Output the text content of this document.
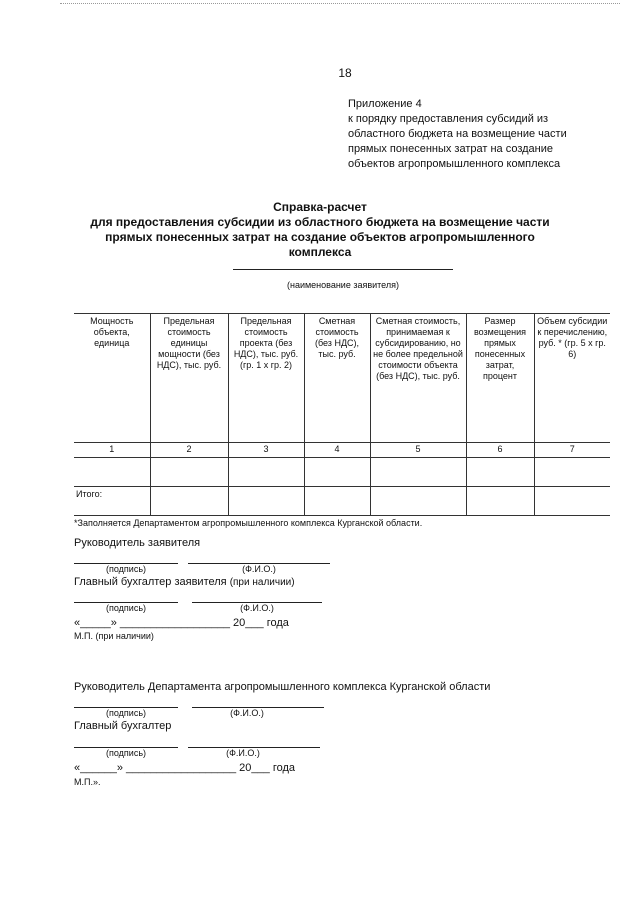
18
Приложение 4
к порядку предоставления субсидий из
областного бюджета на возмещение части
прямых понесенных затрат на создание
объектов агропромышленного комплекса
Справка-расчет
для предоставления субсидии из областного бюджета на возмещение части
прямых понесенных затрат на создание объектов агропромышленного
комплекса
(наименование заявителя)
Мощность объекта, единица	Предельная стоимость единицы мощности (без НДС), тыс. руб.	Предельная стоимость проекта (без НДС), тыс. руб. (гр. 1 х гр. 2)	Сметная стоимость (без НДС), тыс. руб.	Сметная стоимость, принимаемая к субсидированию, но не более предельной стоимости объекта (без НДС), тыс. руб.	Размер возмещения прямых понесенных затрат, процент	Объем субсидии к перечислению, руб. * (гр. 5 х гр. 6)
1	2	3	4	5	6	7

Итого:						
*Заполняется Департаментом агропромышленного комплекса Курганской области.
Руководитель заявителя
(подпись)	(Ф.И.О.)
Главный бухгалтер заявителя (при наличии)
(подпись)	(Ф.И.О.)
«_____» __________________ 20___ года
М.П. (при наличии)
Руководитель Департамента агропромышленного комплекса Курганской области
(подпись)	(Ф.И.О.)
Главный бухгалтер
(подпись)	(Ф.И.О.)
«______» __________________ 20___ года
М.П.».
